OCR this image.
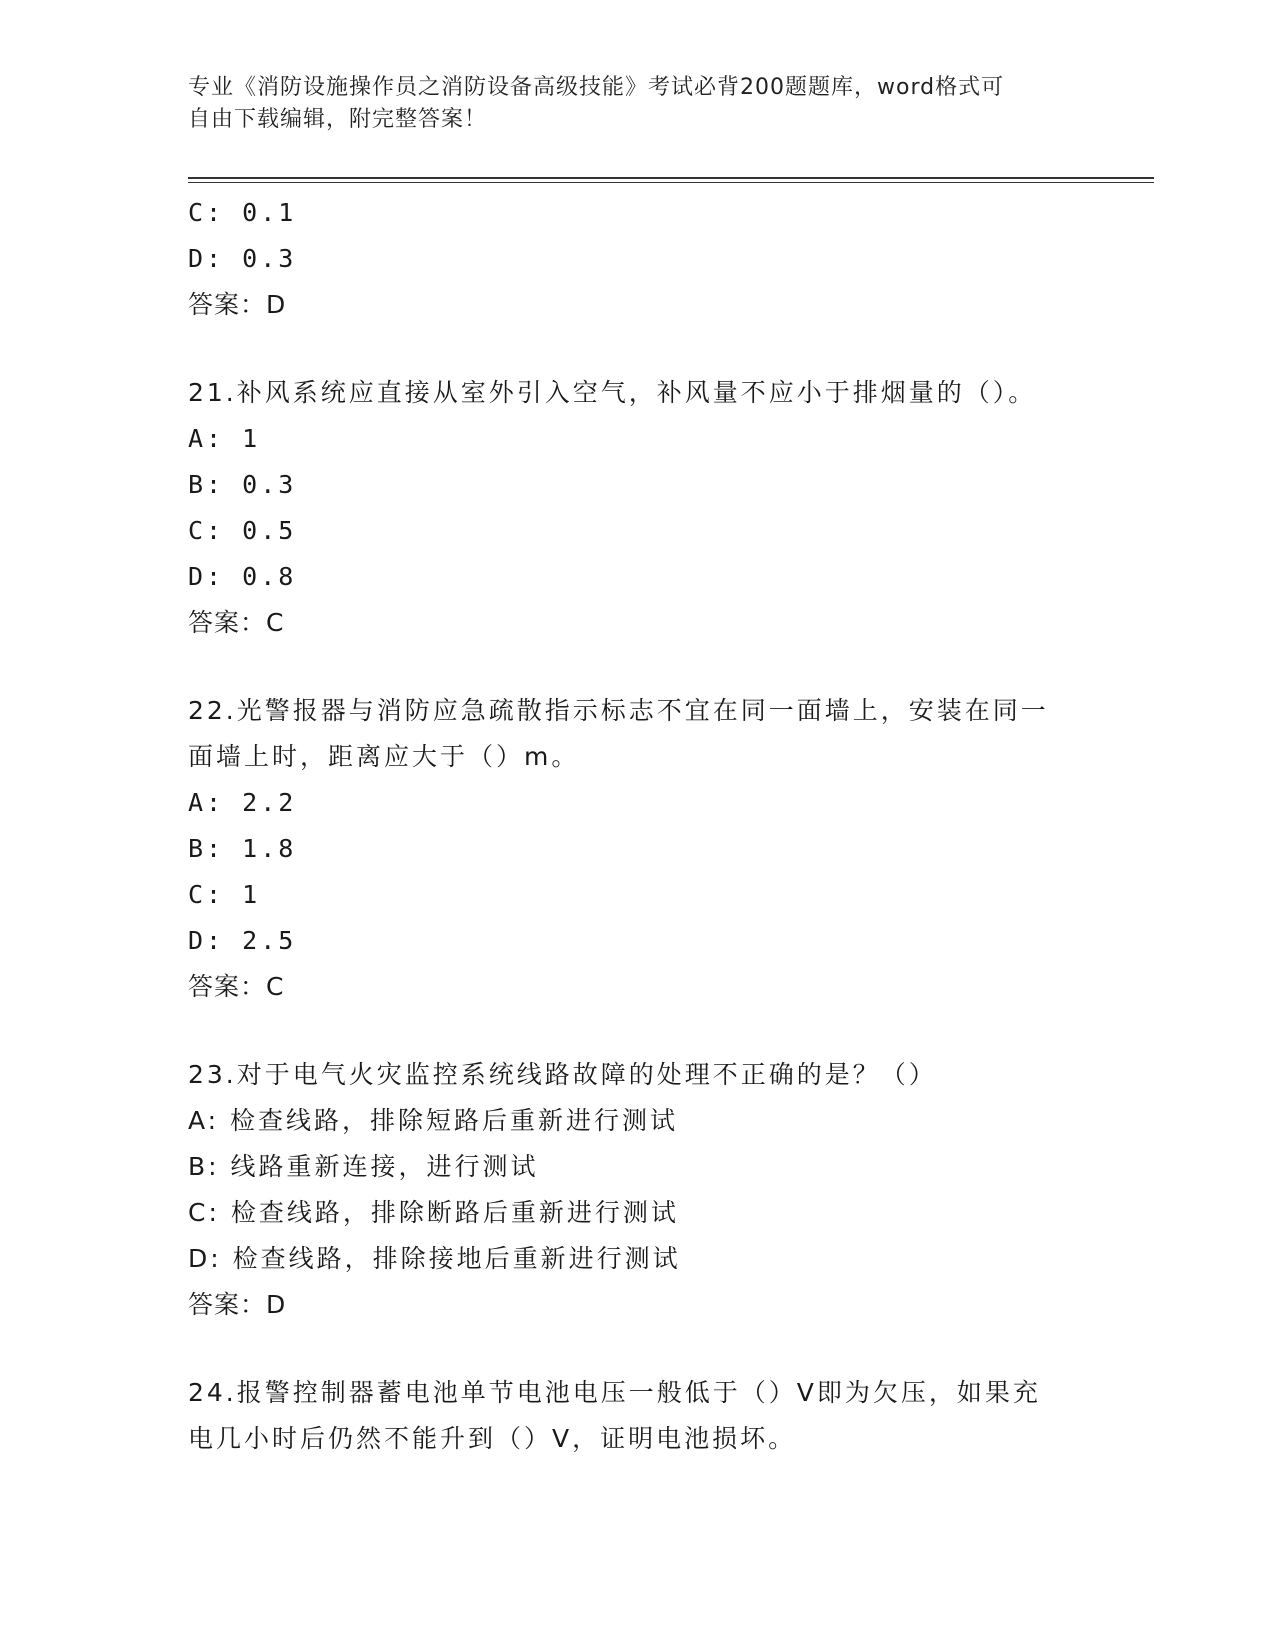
专业《消防设施操作员之消防设备高级技能》考试必背200题题库，word格式可
自由下载编辑，附完整答案！
C: 0.1
D: 0.3
答案：D
21.补风系统应直接从室外引入空气，补风量不应小于排烟量的（）。
A: 1
B: 0.3
C: 0.5
D: 0.8
答案：C
22.光警报器与消防应急疏散指示标志不宜在同一面墙上，安装在同一
面墙上时，距离应大于（）m。
A: 2.2
B: 1.8
C: 1
D: 2.5
答案：C
23.对于电气火灾监控系统线路故障的处理不正确的是？（）
A: 检查线路，排除短路后重新进行测试
B: 线路重新连接，进行测试
C: 检查线路，排除断路后重新进行测试
D: 检查线路，排除接地后重新进行测试
答案：D
24.报警控制器蓄电池单节电池电压一般低于（）V即为欠压，如果充
电几小时后仍然不能升到（）V，证明电池损坏。
